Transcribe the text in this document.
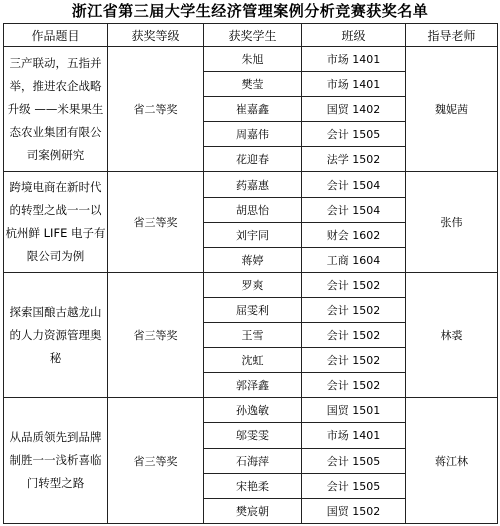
浙江省第三届大学生经济管理案例分析竞赛获奖名单
作品题目	获奖等级	获奖学生	班级	指导老师
三产联动，五指并举，推进农企战略升级 ——米果果生态农业集团有限公司案例研究	省二等奖	朱旭	市场 1401	魏妮茜
		樊莹	市场 1401	
		崔嘉鑫	国贸 1402	
		周嘉伟	会计 1505	
		花迎春	法学 1502	
跨境电商在新时代的转型之战一一以杭州鲜 LIFE 电子有限公司为例	省三等奖	药嘉惠	会计 1504	张伟
		胡思怡	会计 1504	
		刘宇同	财会 1602	
		蒋婷	工商 1604	
探索国酿古越龙山的人力资源管理奥秘	省三等奖	罗爽	会计 1502	林裘
		屈雯利	会计 1502	
		王雪	会计 1502	
		沈虹	会计 1502	
		郭泽鑫	会计 1502	
从品质领先到品牌制胜一一浅析喜临门转型之路	省三等奖	孙逸敏	国贸 1501	蒋江林
		邬雯雯	市场 1401	
		石海萍	会计 1505	
		宋艳柔	会计 1505	
		樊宸朝	国贸 1502	
